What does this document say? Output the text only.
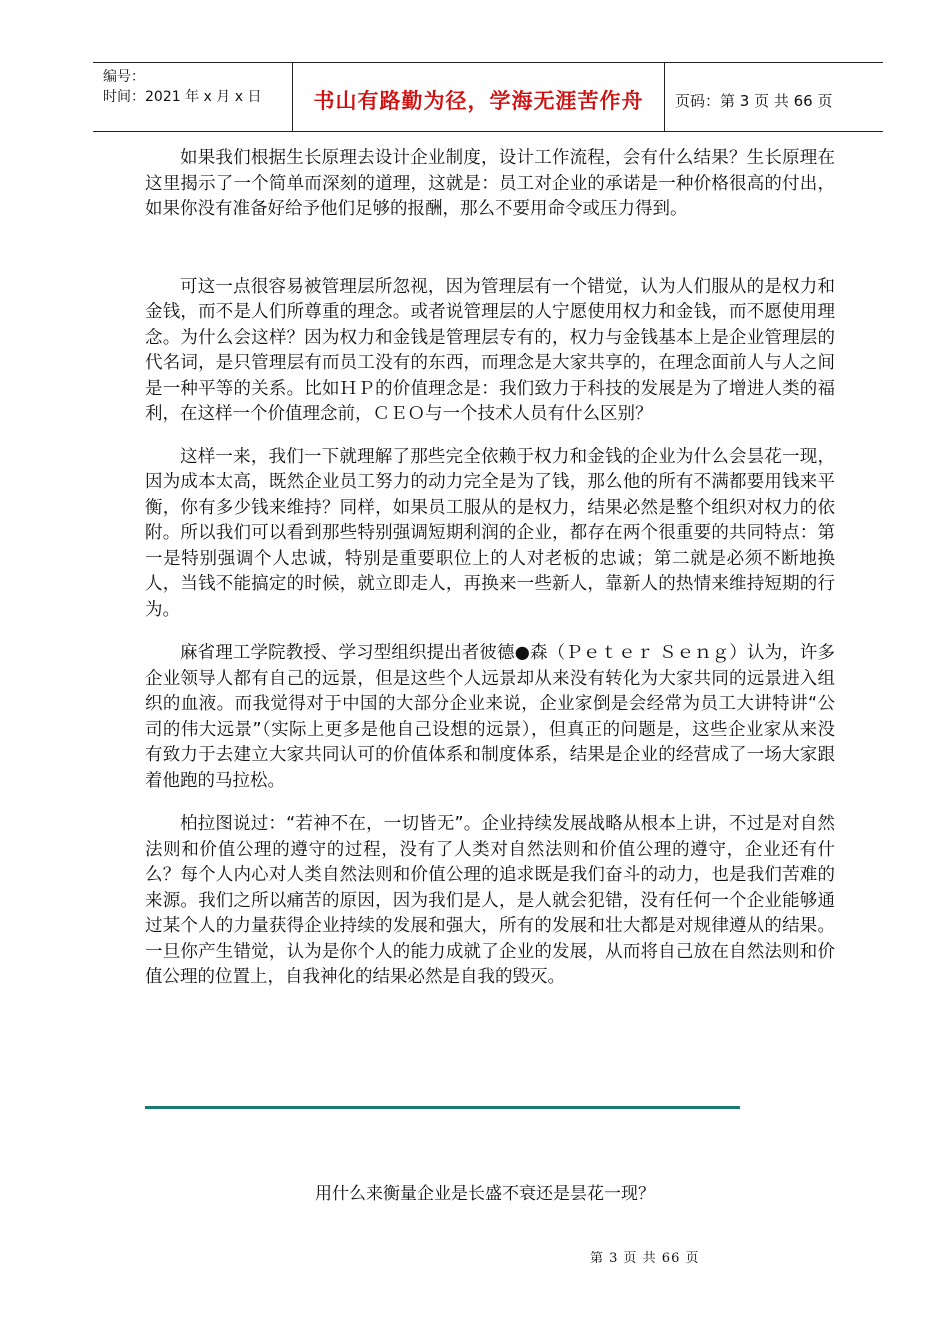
编号：
时间：2021 年 x 月 x 日	书山有路勤为径，学海无涯苦作舟	页码：第 3 页 共 66 页

如果我们根据生长原理去设计企业制度，设计工作流程，会有什么结果？生长原理在这里揭示了一个简单而深刻的道理，这就是：员工对企业的承诺是一种价格很高的付出，如果你没有准备好给予他们足够的报酬，那么不要用命令或压力得到。

可这一点很容易被管理层所忽视，因为管理层有一个错觉，认为人们服从的是权力和金钱，而不是人们所尊重的理念。或者说管理层的人宁愿使用权力和金钱，而不愿使用理念。为什么会这样？因为权力和金钱是管理层专有的，权力与金钱基本上是企业管理层的代名词，是只管理层有而员工没有的东西，而理念是大家共享的，在理念面前人与人之间是一种平等的关系。比如ＨＰ的价值理念是：我们致力于科技的发展是为了增进人类的福利，在这样一个价值理念前，ＣＥＯ与一个技术人员有什么区别？

这样一来，我们一下就理解了那些完全依赖于权力和金钱的企业为什么会昙花一现，因为成本太高，既然企业员工努力的动力完全是为了钱，那么他的所有不满都要用钱来平衡，你有多少钱来维持？同样，如果员工服从的是权力，结果必然是整个组织对权力的依附。所以我们可以看到那些特别强调短期利润的企业，都存在两个很重要的共同特点：第一是特别强调个人忠诚，特别是重要职位上的人对老板的忠诚；第二就是必须不断地换人，当钱不能搞定的时候，就立即走人，再换来一些新人，靠新人的热情来维持短期的行为。

麻省理工学院教授、学习型组织提出者彼德●森（Ｐｅｔｅｒ Ｓｅｎｇ）认为，许多企业领导人都有自己的远景，但是这些个人远景却从来没有转化为大家共同的远景进入组织的血液。而我觉得对于中国的大部分企业来说，企业家倒是会经常为员工大讲特讲“公司的伟大远景”（实际上更多是他自己设想的远景），但真正的问题是，这些企业家从来没有致力于去建立大家共同认可的价值体系和制度体系，结果是企业的经营成了一场大家跟着他跑的马拉松。

柏拉图说过：“若神不在，一切皆无”。企业持续发展战略从根本上讲，不过是对自然法则和价值公理的遵守的过程，没有了人类对自然法则和价值公理的遵守，企业还有什么？每个人内心对人类自然法则和价值公理的追求既是我们奋斗的动力，也是我们苦难的来源。我们之所以痛苦的原因，因为我们是人，是人就会犯错，没有任何一个企业能够通过某个人的力量获得企业持续的发展和强大，所有的发展和壮大都是对规律遵从的结果。一旦你产生错觉，认为是你个人的能力成就了企业的发展，从而将自己放在自然法则和价值公理的位置上，自我神化的结果必然是自我的毁灭。

用什么来衡量企业是长盛不衰还是昙花一现？
第 3 页 共 66 页
